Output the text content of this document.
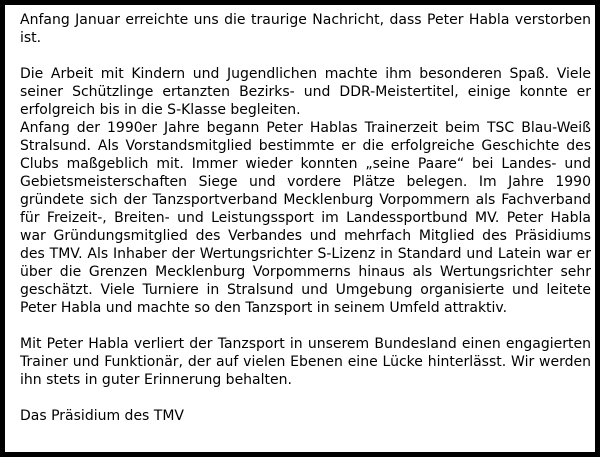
Anfang Januar erreichte uns die traurige Nachricht, dass Peter Habla verstorben ist.

Die Arbeit mit Kindern und Jugendlichen machte ihm besonderen Spaß. Viele seiner Schützlinge ertanzten Bezirks- und DDR-Meistertitel, einige konnte er erfolgreich bis in die S-Klasse begleiten.

Anfang der 1990er Jahre begann Peter Hablas Trainerzeit beim TSC Blau-Weiß Stralsund. Als Vorstandsmitglied bestimmte er die erfolgreiche Geschichte des Clubs maßgeblich mit. Immer wieder konnten „seine Paare“ bei Landes- und Gebietsmeisterschaften Siege und vordere Plätze belegen. Im Jahre 1990 gründete sich der Tanzsportverband Mecklenburg Vorpommern als Fachverband für Freizeit-, Breiten- und Leistungssport im Landessportbund MV. Peter Habla war Gründungsmitglied des Verbandes und mehrfach Mitglied des Präsidiums des TMV. Als Inhaber der Wertungsrichter S-Lizenz in Standard und Latein war er über die Grenzen Mecklenburg Vorpommerns hinaus als Wertungsrichter sehr geschätzt. Viele Turniere in Stralsund und Umgebung organisierte und leitete Peter Habla und machte so den Tanzsport in seinem Umfeld attraktiv.

Mit Peter Habla verliert der Tanzsport in unserem Bundesland einen engagierten Trainer und Funktionär, der auf vielen Ebenen eine Lücke hinterlässt. Wir werden ihn stets in guter Erinnerung behalten.

Das Präsidium des TMV
